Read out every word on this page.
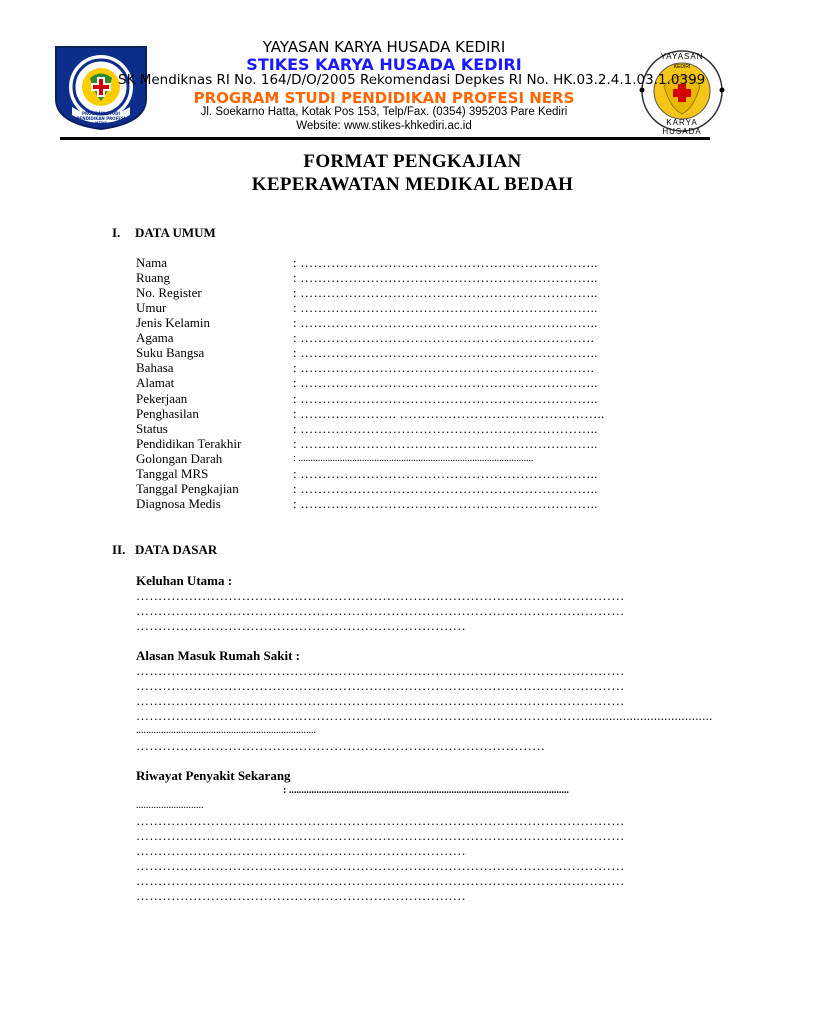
PROGRAM STUDI
PENDIDIKAN PROFESI NERS
YAYASAN
KEDIRI
KARYA HUSADA
YAYASAN KARYA HUSADA KEDIRI
STIKES KARYA HUSADA KEDIRI
SK Mendiknas RI No. 164/D/O/2005 Rekomendasi Depkes RI No. HK.03.2.4.1.03.1.0399
PROGRAM STUDI PENDIDIKAN PROFESI NERS
Jl. Soekarno Hatta, Kotak Pos 153, Telp/Fax. (0354) 395203 Pare Kediri
Website: www.stikes-khkediri.ac.id
FORMAT PENGKAJIAN
KEPERAWATAN MEDIKAL BEDAH
I. DATA UMUM
Nama	: …………………………………………………………..
Ruang	: …………………………………………………………..
No. Register	: …………………………………………………………..
Umur	: …………………………………………………………..
Jenis Kelamin	: …………………………………………………………..
Agama	: ………………………………………………………….
Suku Bangsa	: …………………………………………………………..
Bahasa	: ………………………………………………………….
Alamat	: …………………………………………………………..
Pekerjaan	: …………………………………………………………..
Penghasilan	: …………………. ………………………………………..
Status	: …………………………………………………………..
Pendidikan Terakhir	: …………………………………………………………..
Golongan Darah	: ................................................................................................
Tanggal MRS	: …………………………………………………………..
Tanggal Pengkajian	: …………………………………………………………..
Diagnosa Medis	: …………………………………………………………..
II. DATA DASAR
Keluhan Utama :
…………………………………………………………………………………………………
…………………………………………………………………………………………………
…………………………………………………………………
Alasan Masuk Rumah Sakit :
…………………………………………………………………………………………………
…………………………………………………………………………………………………
…………………………………………………………………………………………………
………………………………………………………………………………………….....................................
........................................................................
…………………………………………………………………………………
Riwayat Penyakit Sekarang
: ................................................................................................................
...........................
…………………………………………………………………………………………………
…………………………………………………………………………………………………
…………………………………………………………………
…………………………………………………………………………………………………
…………………………………………………………………………………………………
…………………………………………………………………
